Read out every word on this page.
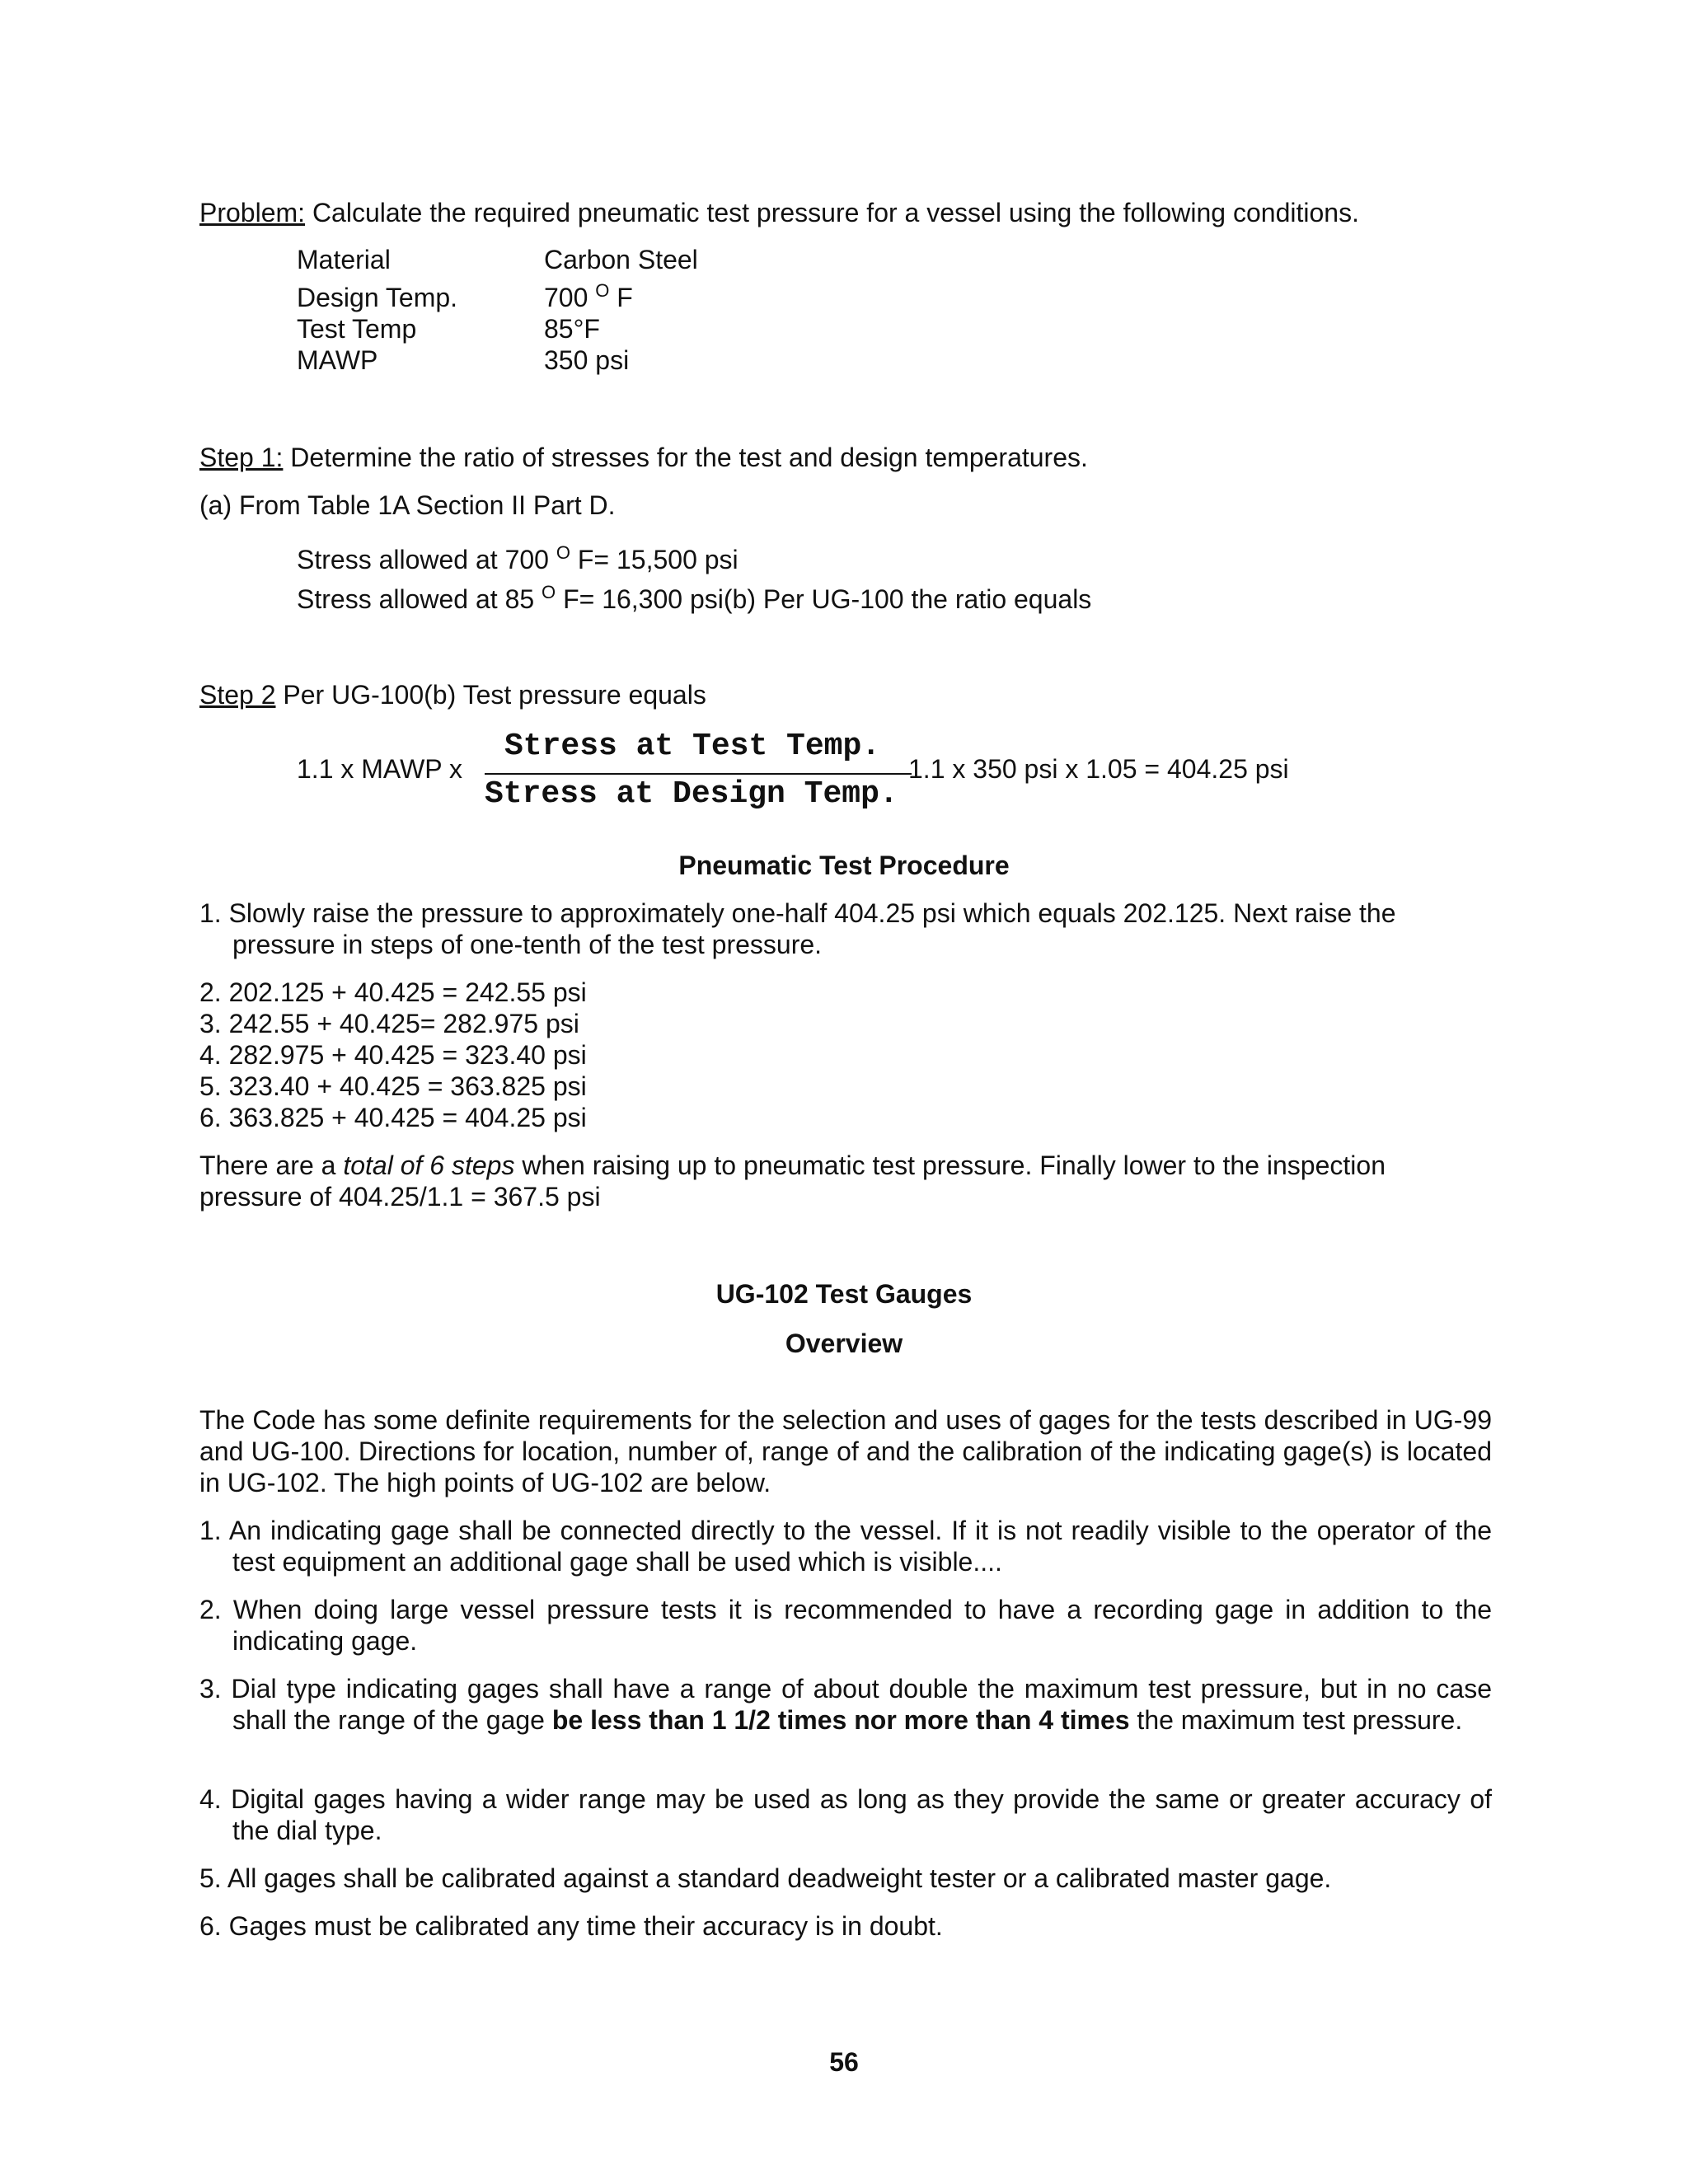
Problem: Calculate the required pneumatic test pressure for a vessel using the following conditions.
Material	Carbon Steel
Design Temp.	700 $^O$ F
Test Temp	85°F
MAWP	350 psi
Step 1: Determine the ratio of stresses for the test and design temperatures.
(a) From Table 1A Section II Part D.
Stress allowed at 700 $^O$ F= 15,500 psi
Stress allowed at 85 $^O$ F= 16,300 psi(b) Per UG-100 the ratio equals
Step 2 Per UG-100(b) Test pressure equals
1.1 x MAWP x
Stress at Test Temp.
Stress at Design Temp.
1.1 x 350 psi x 1.05 = 404.25 psi
Pneumatic Test Procedure
1. Slowly raise the pressure to approximately one-half 404.25 psi which equals 202.125. Next raise the
pressure in steps of one-tenth of the test pressure.
2. 202.125 + 40.425 = 242.55 psi
3. 242.55 + 40.425= 282.975 psi
4. 282.975 + 40.425 = 323.40 psi
5. 323.40 + 40.425 = 363.825 psi
6. 363.825 + 40.425 = 404.25 psi
There are a total of 6 steps when raising up to pneumatic test pressure. Finally lower to the inspection
pressure of 404.25/1.1 = 367.5 psi
UG-102 Test Gauges
Overview
The Code has some definite requirements for the selection and uses of gages for the tests described in UG-99 and UG-100. Directions for location, number of, range of and the calibration of the indicating gage(s) is located in UG-102. The high points of UG-102 are below.
1. An indicating gage shall be connected directly to the vessel. If it is not readily visible to the operator of the test equipment an additional gage shall be used which is visible....
2. When doing large vessel pressure tests it is recommended to have a recording gage in addition to the indicating gage.
3. Dial type indicating gages shall have a range of about double the maximum test pressure, but in no case shall the range of the gage be less than 1 1/2 times nor more than 4 times the maximum test pressure.
4. Digital gages having a wider range may be used as long as they provide the same or greater accuracy of the dial type.
5. All gages shall be calibrated against a standard deadweight tester or a calibrated master gage.
6. Gages must be calibrated any time their accuracy is in doubt.
56
